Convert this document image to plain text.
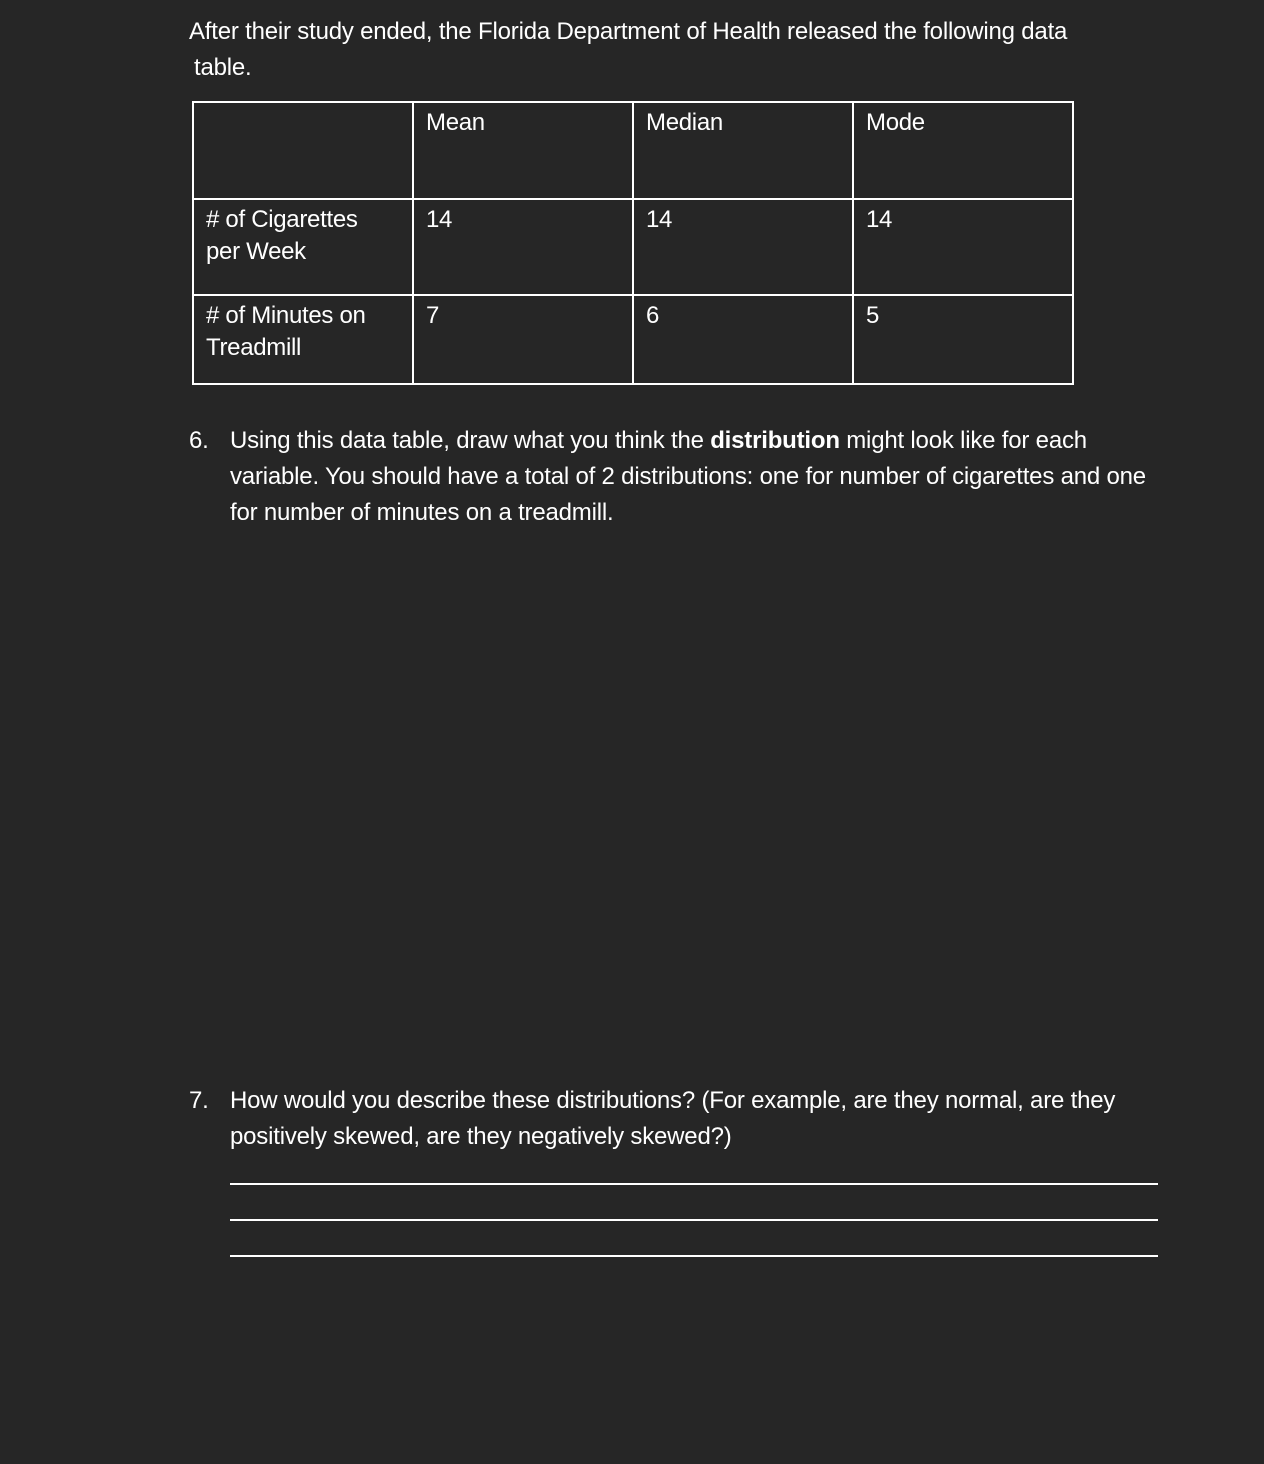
After their study ended, the Florida Department of Health released the following data
table.

	Mean	Median	Mode
# of Cigarettes
per Week	14	14	14
# of Minutes on
Treadmill	7	6	5
6. Using this data table, draw what you think the distribution might look like for each variable. You should have a total of 2 distributions: one for number of cigarettes and one for number of minutes on a treadmill.
7. How would you describe these distributions? (For example, are they normal, are they positively skewed, are they negatively skewed?)
